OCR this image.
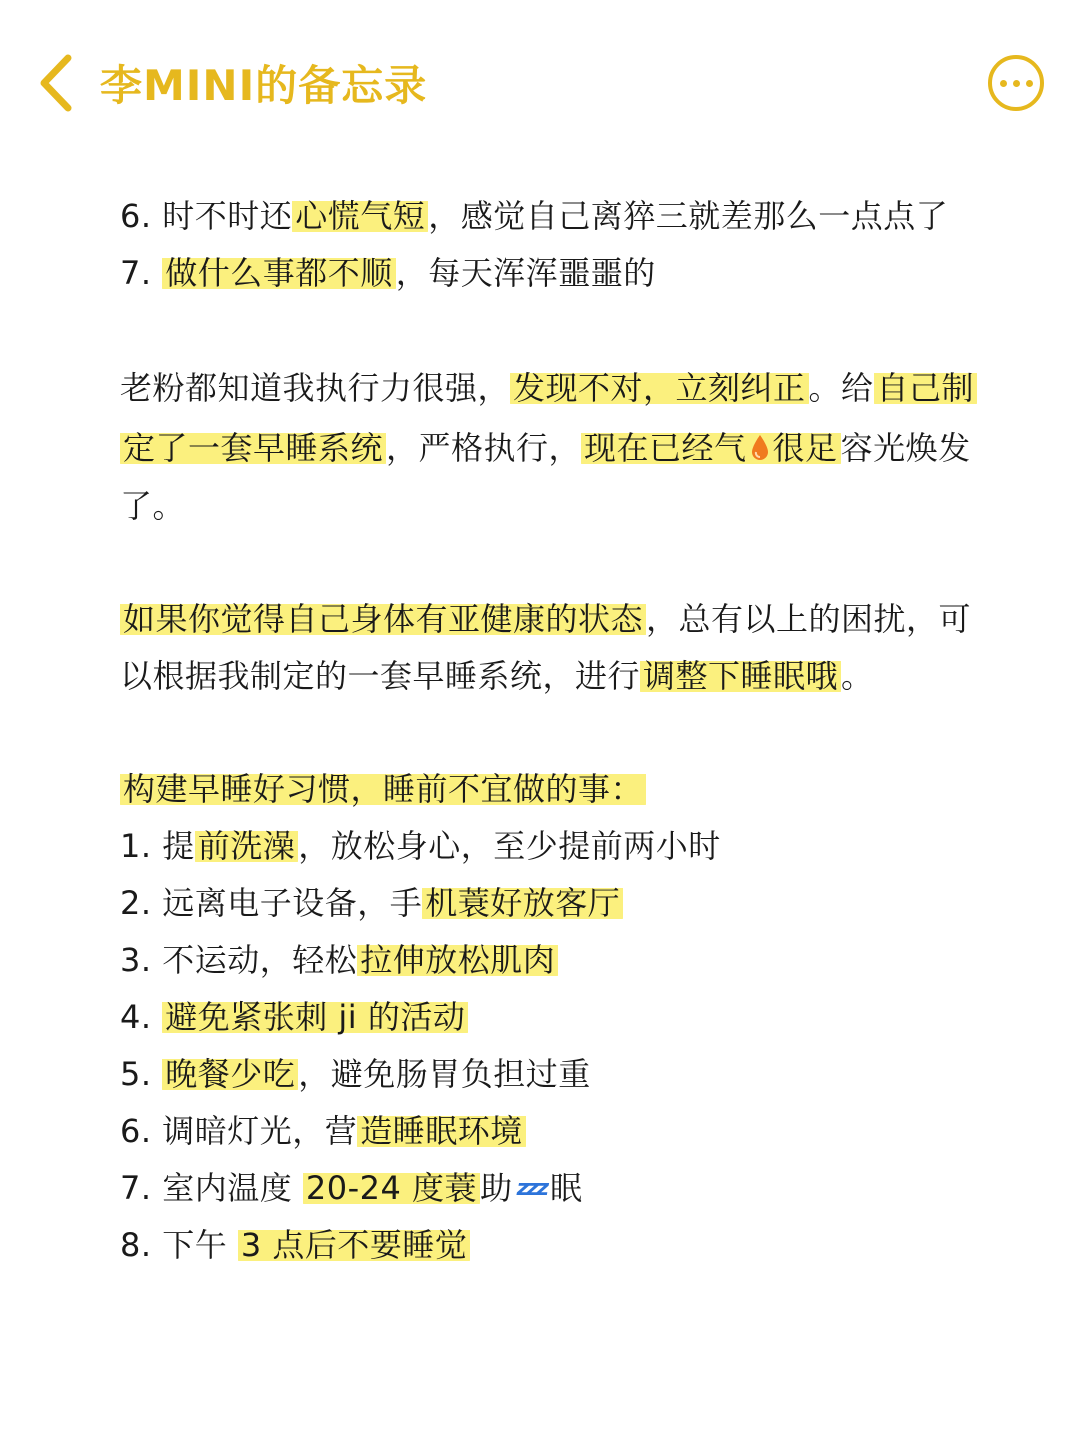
李MINI的备忘录
6. 时不时还心慌气短，感觉自己离猝三就差那么一点点了
7. 做什么事都不顺，每天浑浑噩噩的
老粉都知道我执行力很强，发现不对，立刻纠正。给自己制
定了一套早睡系统，严格执行，现在已经气 很足容光焕发
了。
如果你觉得自己身体有亚健康的状态，总有以上的困扰，可
以根据我制定的一套早睡系统，进行调整下睡眠哦。
构建早睡好习惯，睡前不宜做的事：
1. 提前洗澡，放松身心，至少提前两小时
2. 远离电子设备，手机蓑好放客厅
3. 不运动，轻松拉伸放松肌肉
4. 避免紧张刺 ji 的活动
5. 晚餐少吃，避免肠胃负担过重
6. 调暗灯光，营造睡眠环境
7. 室内温度 20-24 度蓑助 zzz 眠
8. 下午 3 点后不要睡觉
